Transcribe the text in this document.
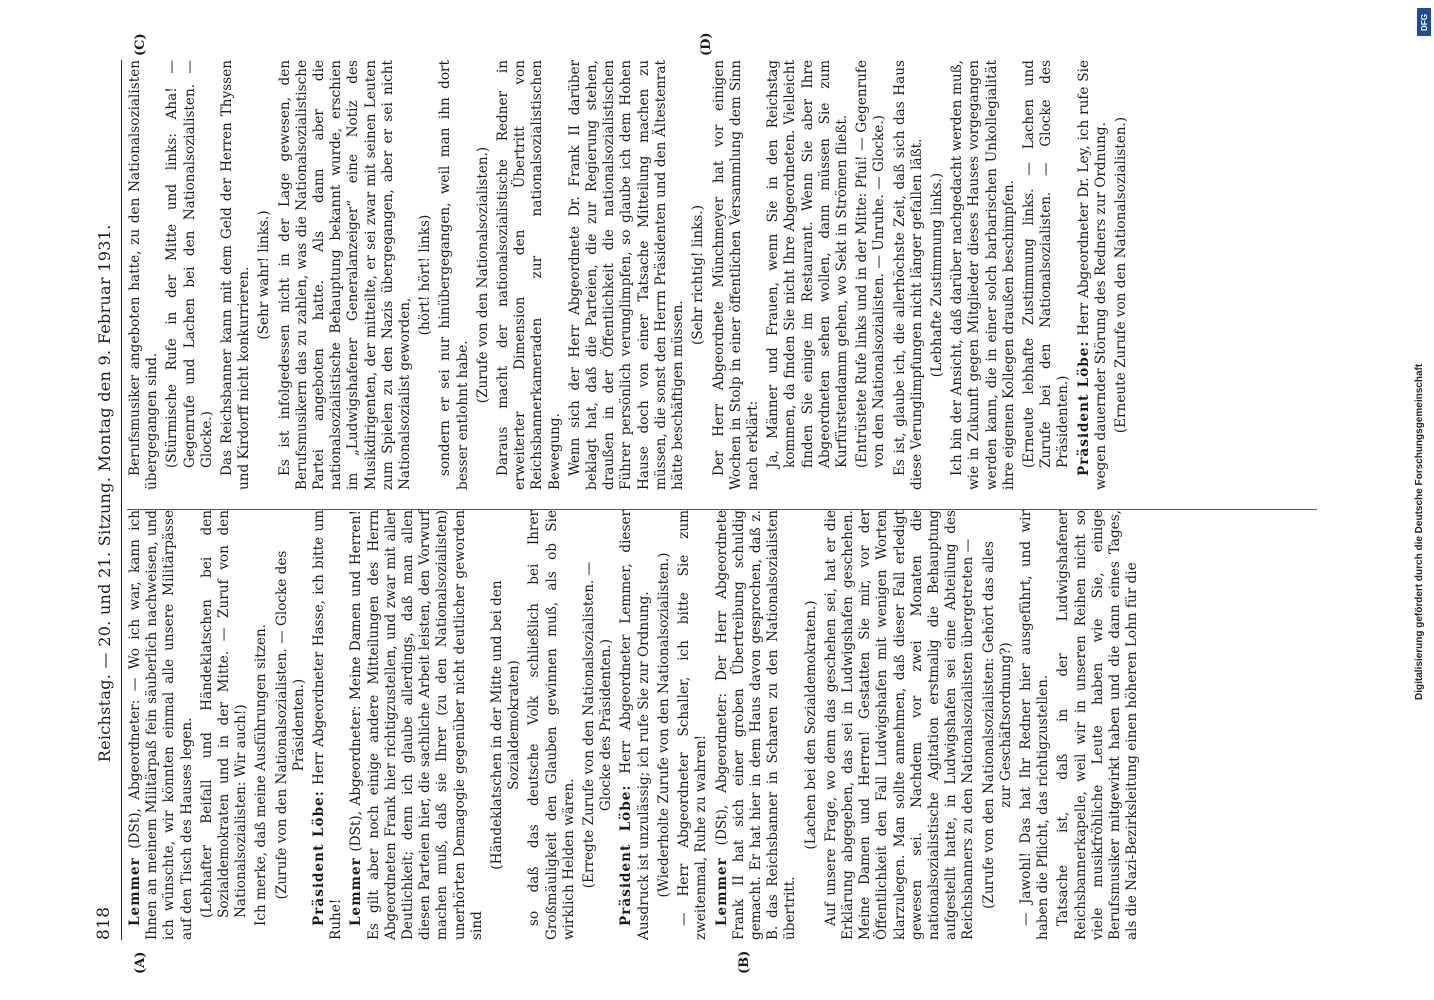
818
Reichstag. — 20. und 21. Sitzung. Montag den 9. Februar 1931.
(A)	(B)
(C)	(D)

Lemmer (DSt), Abgeordneter: — Wo ich war, kann ich Ihnen an meinem Militärpaß fein säuberlich nachweisen, und ich wünschte, wir könnten einmal alle unsere Militärpässe auf den Tisch des Hauses legen. (Lebhafter Beifall und Händeklatschen bei den Sozialdemokraten und in der Mitte. — Zuruf von den Nationalsozialisten: Wir auch!) Ich merke, daß meine Ausführungen sitzen. (Zurufe von den Nationalsozialisten. — Glocke des Präsidenten.)

Präsident Löbe: Herr Abgeordneter Hasse, ich bitte um Ruhe! Lemmer (DSt), Abgeordneter: Meine Damen und Herren! Es gilt aber noch einige andere Mitteilungen des Herrn Abgeordneten Frank hier richtigzustellen, und zwar mit aller Deutlichkeit; denn ich glaube allerdings, daß man allen diesen Parteien hier, die sachliche Arbeit leisten, den Vorwurf machen muß, daß sie Ihrer (zu den Nationalsozialisten) unerhörten Demagogie gegenüber nicht deutlicher geworden sind

(Händeklatschen in der Mitte und bei den Sozialdemokraten) so daß das deutsche Volk schließlich bei Ihrer Großmäuligkeit den Glauben gewinnen muß, als ob Sie wirklich Helden wären. (Erregte Zurufe von den Nationalsozialisten. — Glocke des Präsidenten.)

Präsident Löbe: Herr Abgeordneter Lemmer, dieser Ausdruck ist unzulässig; ich rufe Sie zur Ordnung. (Wiederholte Zurufe von den Nationalsozialisten.) — Herr Abgeordneter Schaller, ich bitte Sie zum zweitenmal, Ruhe zu wahren! Lemmer (DSt), Abgeordneter: Der Herr Abgeordnete Frank II hat sich einer groben Übertreibung schuldig gemacht. Er hat hier in dem Haus davon gesprochen, daß z. B. das Reichsbanner in Scharen zu den Nationalsozialisten übertritt.

(Lachen bei den Sozialdemokraten.) Auf unsere Frage, wo denn das geschehen sei, hat er die Erklärung abgegeben, das sei in Ludwigshafen geschehen. Meine Damen und Herren! Gestatten Sie mir, vor der Öffentlichkeit den Fall Ludwigshafen mit wenigen Worten klarzulegen. Man sollte annehmen, daß dieser Fall erledigt gewesen sei. Nachdem vor zwei Monaten die nationalsozialistische Agitation erstmalig die Behauptung aufgestellt hatte, in Ludwigshafen sei eine Abteilung des Reichsbanners zu den Nationalsozialisten übergetreten — (Zurufe von den Nationalsozialisten: Gehört das alles zur Geschäftsordnung?) — Jawohl! Das hat Ihr Redner hier ausgeführt, und wir haben die Pflicht, das richtigzustellen. Tatsache ist, daß in der Ludwigshafener Reichsbannerkapelle, weil wir in unseren Reihen nicht so viele musikfröhliche Leute haben wie Sie, einige Berufsmusiker mitgewirkt haben und die dann eines Tages, als die Nazi-Bezirksleitung einen höheren Lohn für die

Berufsmusiker angeboten hatte, zu den Nationalsozialisten übergegangen sind. (Stürmische Rufe in der Mitte und links: Aha! — Gegenrufe und Lachen bei den Nationalsozialisten. — Glocke.) Das Reichsbanner kann mit dem Geld der Herren Thyssen und Kirdorff nicht konkurrieren. (Sehr wahr! links.) Es ist infolgedessen nicht in der Lage gewesen, den Berufsmusikern das zu zahlen, was die Nationalsozialistische Partei angeboten hatte. Als dann aber die nationalsozialistische Behauptung bekannt wurde, erschien im „Ludwigshafener Generalanzeiger“ eine Notiz des Musikdirigenten, der mitteilte, er sei zwar mit seinen Leuten zum Spielen zu den Nazis übergegangen, aber er sei nicht Nationalsozialist geworden,

(hört! hört! links) sondern er sei nur hinübergegangen, weil man ihn dort besser entlohnt habe.

(Zurufe von den Nationalsozialisten.) Daraus macht der nationalsozialistische Redner in erweiterter Dimension den Übertritt von Reichsbannerkameraden zur nationalsozialistischen Bewegung. Wenn sich der Herr Abgeordnete Dr. Frank II darüber beklagt hat, daß die Parteien, die zur Regierung stehen, draußen in der Öffentlichkeit die nationalsozialistischen Führer persönlich verunglimpfen, so glaube ich dem Hohen Hause doch von einer Tatsache Mitteilung machen zu müssen, die sonst den Herrn Präsidenten und den Ältestenrat hätte beschäftigen müssen.

(Sehr richtig! links.) Der Herr Abgeordnete Münchmeyer hat vor einigen Wochen in Stolp in einer öffentlichen Versammlung dem Sinn nach erklärt: Ja, Männer und Frauen, wenn Sie in den Reichstag kommen, da finden Sie nicht Ihre Abgeordneten. Vielleicht finden Sie einige im Restaurant. Wenn Sie aber Ihre Abgeordneten sehen wollen, dann müssen Sie zum Kurfürstendamm gehen, wo Sekt in Strömen fließt. (Entrüstete Rufe links und in der Mitte: Pfui! — Gegenrufe von den Nationalsozialisten. — Unruhe. — Glocke.) Es ist, glaube ich, die allerhöchste Zeit, daß sich das Haus diese Verunglimpfungen nicht länger gefallen läßt. (Lebhafte Zustimmung links.) Ich bin der Ansicht, daß darüber nachgedacht werden muß, wie in Zukunft gegen Mitglieder dieses Hauses vorgegangen werden kann, die in einer solch barbarischen Unkollegialität ihre eigenen Kollegen draußen beschimpfen. (Erneute lebhafte Zustimmung links. — Lachen und Zurufe bei den Nationalsozialisten. — Glocke des Präsidenten.) Präsident Löbe: Herr Abgeordneter Dr. Ley, ich rufe Sie wegen dauernder Störung des Redners zur Ordnung. (Erneute Zurufe von den Nationalsozialisten.)

DFG
Digitalisierung gefördert durch die Deutsche Forschungsgemeinschaft
